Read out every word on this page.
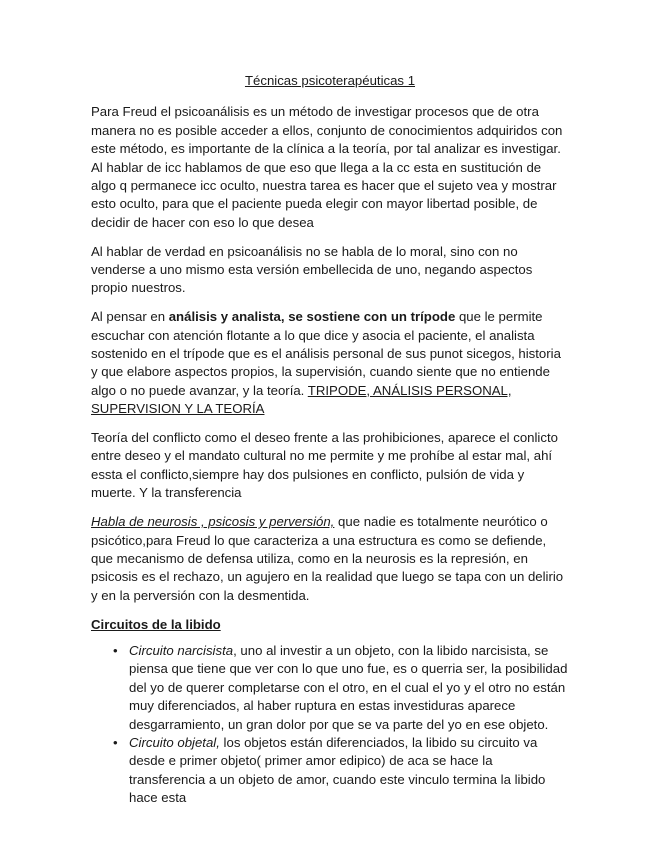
Técnicas psicoterapéuticas 1

Para Freud el psicoanálisis es un método de investigar procesos que de otra manera no es posible acceder a ellos, conjunto de conocimientos adquiridos con este método, es importante de la clínica a la teoría, por tal analizar es investigar. Al hablar de icc hablamos de que eso que llega a la cc esta en sustitución de algo q permanece icc oculto, nuestra tarea es hacer que el sujeto vea y mostrar esto oculto, para que el paciente pueda elegir con mayor libertad posible, de decidir de hacer con eso lo que desea

Al hablar de verdad en psicoanálisis no se habla de lo moral, sino con no venderse a uno mismo esta versión embellecida de uno, negando aspectos propio nuestros.

Al pensar en análisis y analista, se sostiene con un trípode que le permite escuchar con atención flotante a lo que dice y asocia el paciente, el analista sostenido en el trípode que es el análisis personal de sus punot sicegos, historia y que elabore aspectos propios, la supervisión, cuando siente que no entiende algo o no puede avanzar, y la teoría. TRIPODE, ANÁLISIS PERSONAL, SUPERVISION Y LA TEORÍA

Teoría del conflicto como el deseo frente a las prohibiciones, aparece el conlicto entre deseo y el mandato cultural no me permite y me prohíbe al estar mal, ahí essta el conflicto,siempre hay dos pulsiones en conflicto, pulsión de vida y muerte. Y la transferencia

Habla de neurosis , psicosis y perversión, que nadie es totalmente neurótico o psicótico,para Freud lo que caracteriza a una estructura es como se defiende, que mecanismo de defensa utiliza, como en la neurosis es la represión, en psicosis es el rechazo, un agujero en la realidad que luego se tapa con un delirio y en la perversión con la desmentida.

Circuitos de la libido
• Circuito narcisista, uno al investir a un objeto, con la libido narcisista, se piensa que tiene que ver con lo que uno fue, es o querria ser, la posibilidad del yo de querer completarse con el otro, en el cual el yo y el otro no están muy diferenciados, al haber ruptura en estas investiduras aparece desgarramiento, un gran dolor por que se va parte del yo en ese objeto.
• Circuito objetal, los objetos están diferenciados, la libido su circuito va desde e primer objeto( primer amor edipico) de aca se hace la transferencia a un objeto de amor, cuando este vinculo termina la libido hace esta
